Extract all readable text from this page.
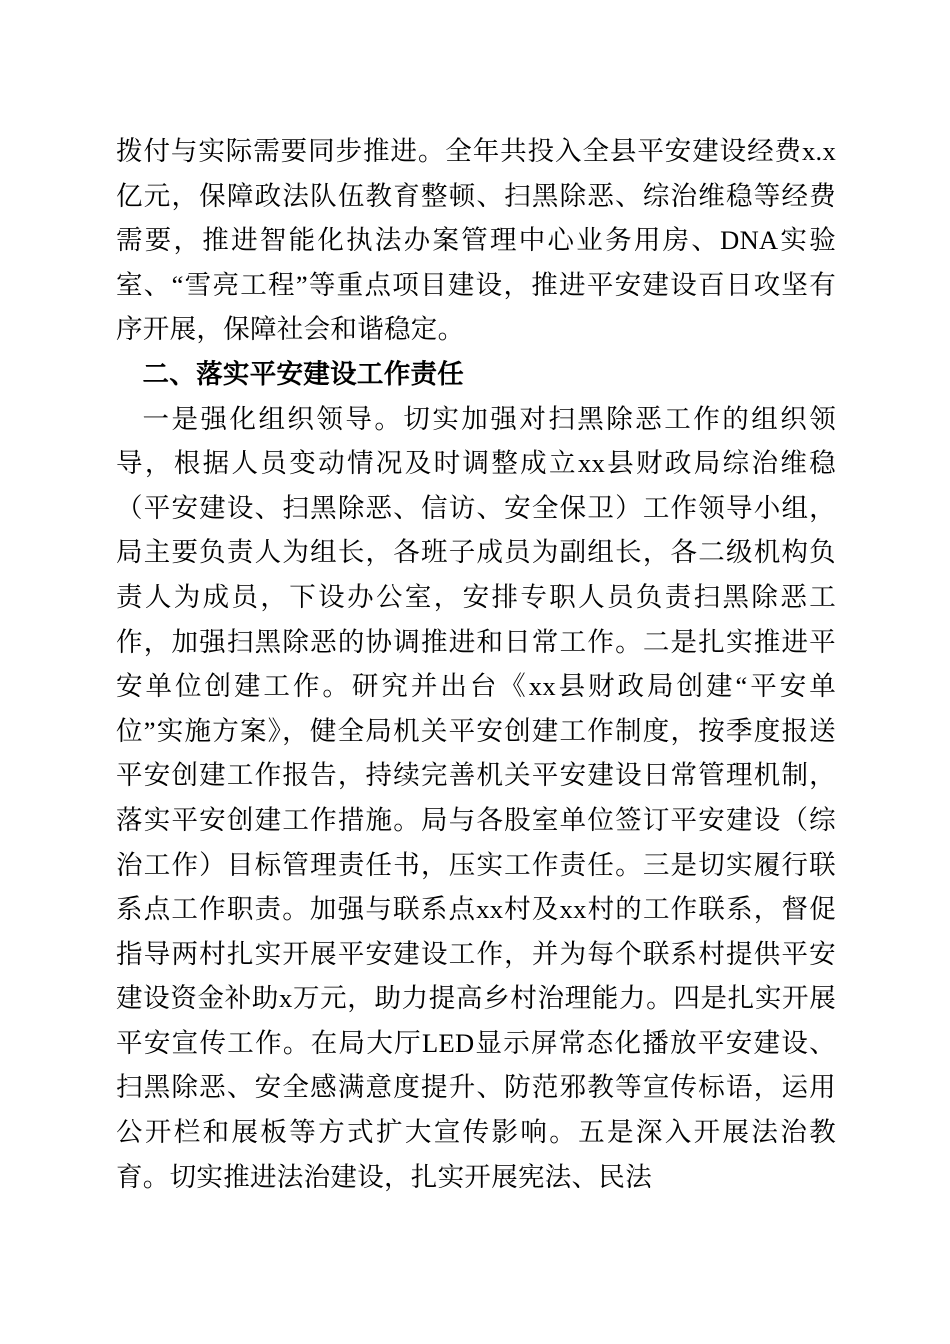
拨付与实际需要同步推进。全年共投入全县平安建设经费x.x亿元，保障政法队伍教育整顿、扫黑除恶、综治维稳等经费需要，推进智能化执法办案管理中心业务用房、DNA实验室、“雪亮工程”等重点项目建设，推进平安建设百日攻坚有序开展，保障社会和谐稳定。

二、落实平安建设工作责任

一是强化组织领导。切实加强对扫黑除恶工作的组织领导，根据人员变动情况及时调整成立xx县财政局综治维稳（平安建设、扫黑除恶、信访、安全保卫）工作领导小组，局主要负责人为组长，各班子成员为副组长，各二级机构负责人为成员，下设办公室，安排专职人员负责扫黑除恶工作，加强扫黑除恶的协调推进和日常工作。二是扎实推进平安单位创建工作。研究并出台《xx县财政局创建“平安单位”实施方案》，健全局机关平安创建工作制度，按季度报送平安创建工作报告，持续完善机关平安建设日常管理机制，落实平安创建工作措施。局与各股室单位签订平安建设（综治工作）目标管理责任书，压实工作责任。三是切实履行联系点工作职责。加强与联系点xx村及xx村的工作联系，督促指导两村扎实开展平安建设工作，并为每个联系村提供平安建设资金补助x万元，助力提高乡村治理能力。四是扎实开展平安宣传工作。在局大厅LED显示屏常态化播放平安建设、扫黑除恶、安全感满意度提升、防范邪教等宣传标语，运用公开栏和展板等方式扩大宣传影响。五是深入开展法治教育。切实推进法治建设，扎实开展宪法、民法
